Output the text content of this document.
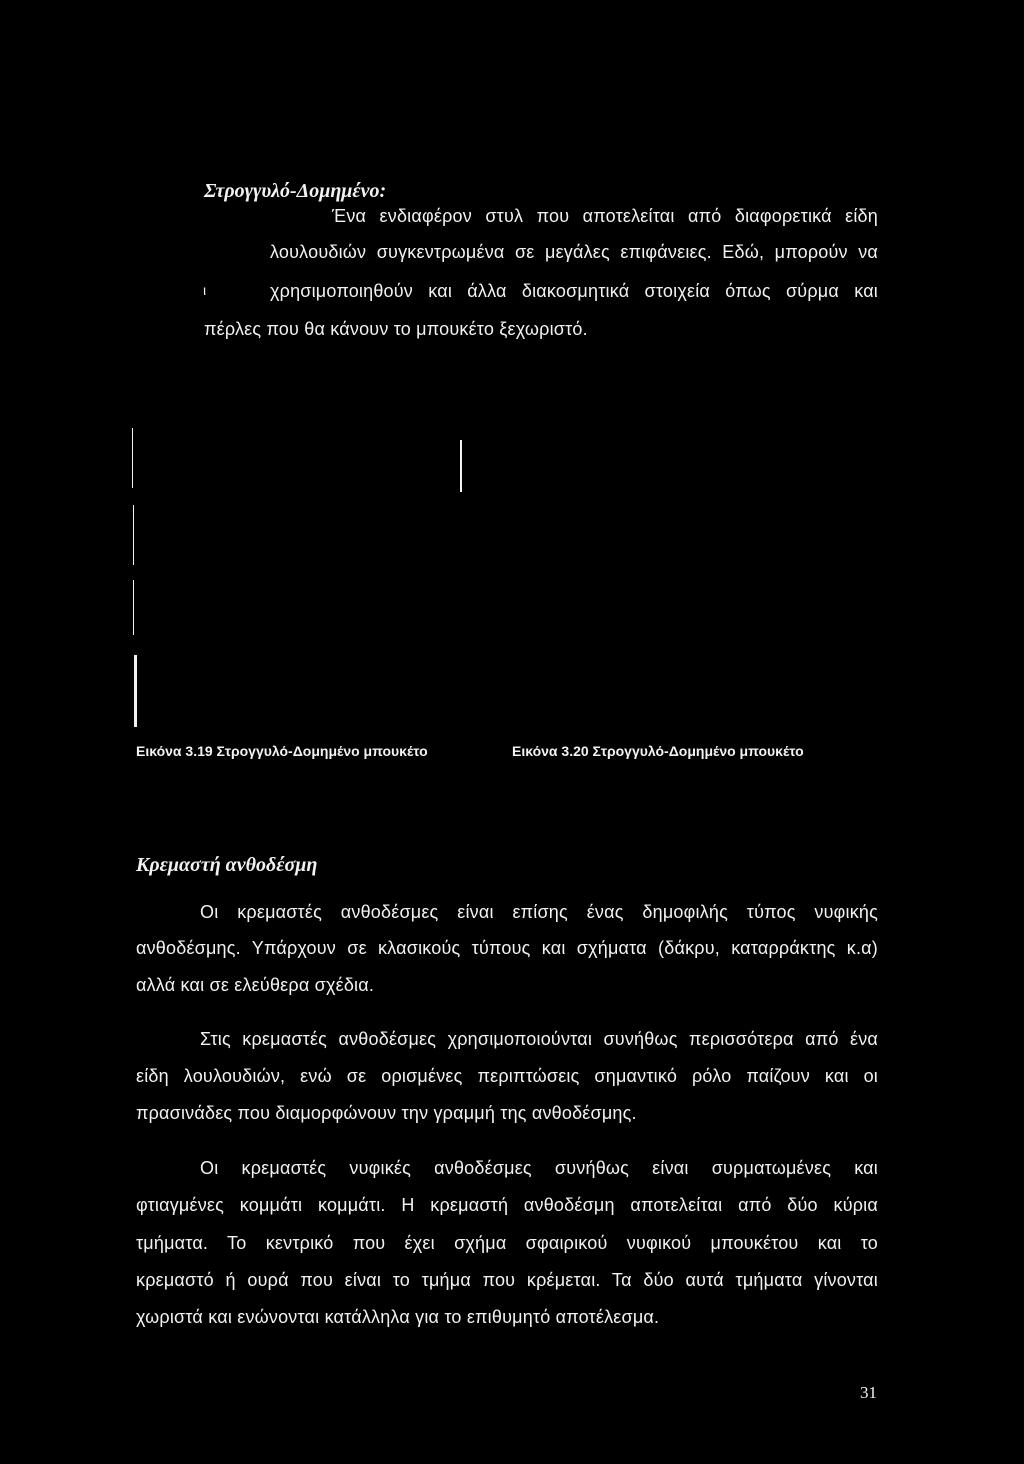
Στρογγυλό-Δομημένο:
Ένα ενδιαφέρον στυλ που αποτελείται από διαφορετικά είδη
λουλουδιών συγκεντρωμένα σε μεγάλες επιφάνειες. Εδώ, μπορούν να
ι	χρησιμοποιηθούν και άλλα διακοσμητικά στοιχεία όπως σύρμα και
πέρλες που θα κάνουν το μπουκέτο ξεχωριστό.
Εικόνα 3.19 Στρογγυλό-Δομημένο μπουκέτο	Εικόνα 3.20 Στρογγυλό-Δομημένο μπουκέτο
Κρεμαστή ανθοδέσμη
Οι κρεμαστές ανθοδέσμες είναι επίσης ένας δημοφιλής τύπος νυφικής
ανθοδέσμης. Υπάρχουν σε κλασικούς τύπους και σχήματα (δάκρυ, καταρράκτης κ.α)
αλλά και σε ελεύθερα σχέδια.
Στις κρεμαστές ανθοδέσμες χρησιμοποιούνται συνήθως περισσότερα από ένα
είδη λουλουδιών, ενώ σε ορισμένες περιπτώσεις σημαντικό ρόλο παίζουν και οι
πρασινάδες που διαμορφώνουν την γραμμή της ανθοδέσμης.
Οι κρεμαστές νυφικές ανθοδέσμες συνήθως είναι συρματωμένες και
φτιαγμένες κομμάτι κομμάτι. Η κρεμαστή ανθοδέσμη αποτελείται από δύο κύρια
τμήματα. Το κεντρικό που έχει σχήμα σφαιρικού νυφικού μπουκέτου και το
κρεμαστό ή ουρά που είναι το τμήμα που κρέμεται. Τα δύο αυτά τμήματα γίνονται
χωριστά και ενώνονται κατάλληλα για το επιθυμητό αποτέλεσμα.
31
